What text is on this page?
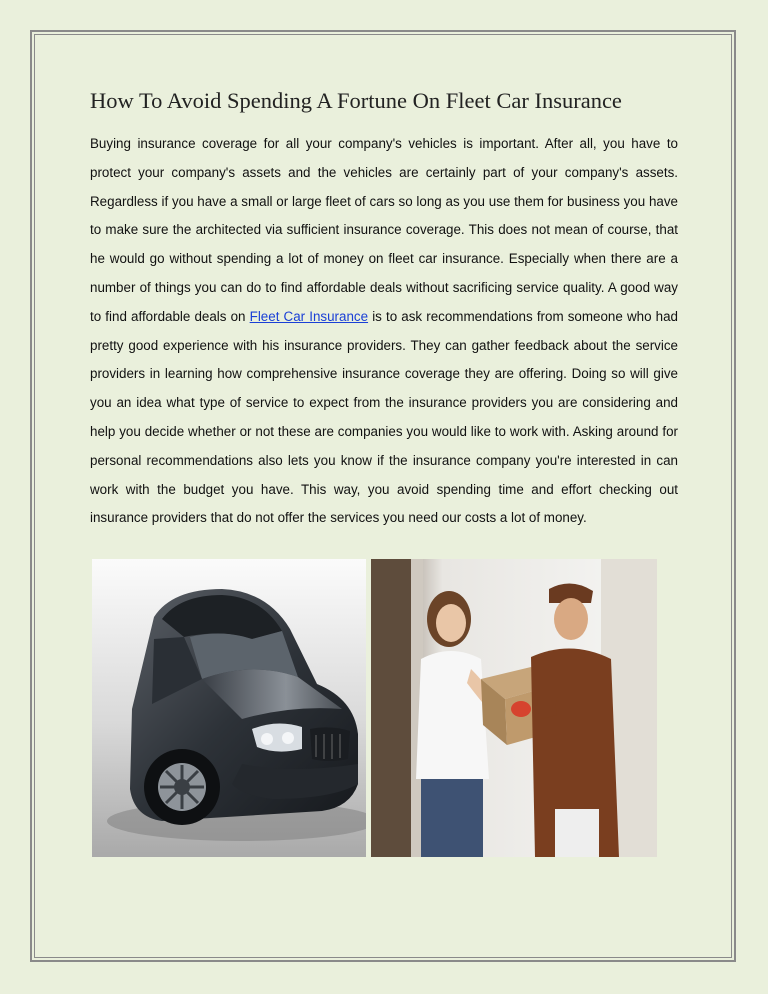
How To Avoid Spending A Fortune On Fleet Car Insurance

Buying insurance coverage for all your company's vehicles is important. After all, you have to protect your company's assets and the vehicles are certainly part of your company's assets. Regardless if you have a small or large fleet of cars so long as you use them for business you have to make sure the architected via sufficient insurance coverage. This does not mean of course, that he would go without spending a lot of money on fleet car insurance. Especially when there are a number of things you can do to find affordable deals without sacrificing service quality. A good way to find affordable deals on Fleet Car Insurance is to ask recommendations from someone who had pretty good experience with his insurance providers. They can gather feedback about the service providers in learning how comprehensive insurance coverage they are offering. Doing so will give you an idea what type of service to expect from the insurance providers you are considering and help you decide whether or not these are companies you would like to work with. Asking around for personal recommendations also lets you know if the insurance company you're interested in can work with the budget you have. This way, you avoid spending time and effort checking out insurance providers that do not offer the services you need our costs a lot of money.
